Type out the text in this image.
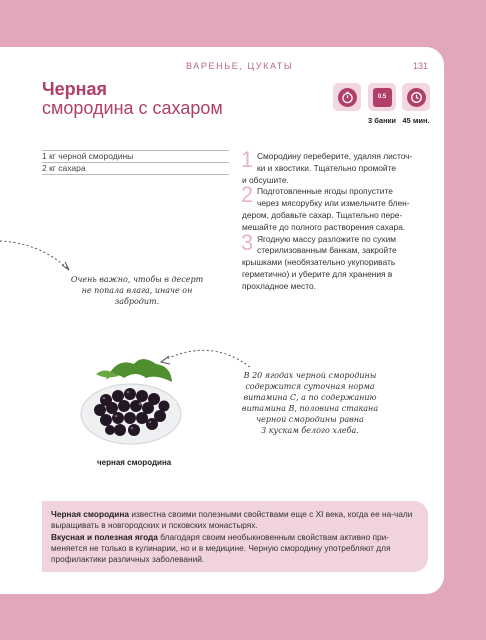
ВАРЕНЬЕ, ЦУКАТЫ	131
Черная
смородина с сахаром
0.5
3 банки 45 мин.
1 кг черной смородины
2 кг сахара	1 Смородину переберите, удаляя листоч-
ки и хвостики. Тщательно промойте
и обсушите.
2 Подготовленные ягоды пропустите
через мясорубку или измельчите блен-
дером, добавьте сахар. Тщательно пере-мешайте до полного растворения сахара.
3 Ягодную массу разложите по сухим
стерилизованным банкам, закройте
крышками (необязательно укупоривать герметично) и уберите для хранения в прохладное место.
Очень важно, чтобы в десерт
не попала влага, иначе он забродит.
В 20 ягодах черной смородины
содержится суточная норма
витамина С, а по содержанию
витамина В, половина стакана
черной смородины равна
3 кускам белого хлеба.
черная смородина
Черная смородина известна своими полезными свойствами еще с XI века, когда ее на-чали выращивать в новгородских и псковских монастырях.
Вкусная и полезная ягода благодаря своим необыкновенным свойствам активно при-меняется не только в кулинарии, но и в медицине. Черную смородину употребляют для профилактики различных заболеваний.
